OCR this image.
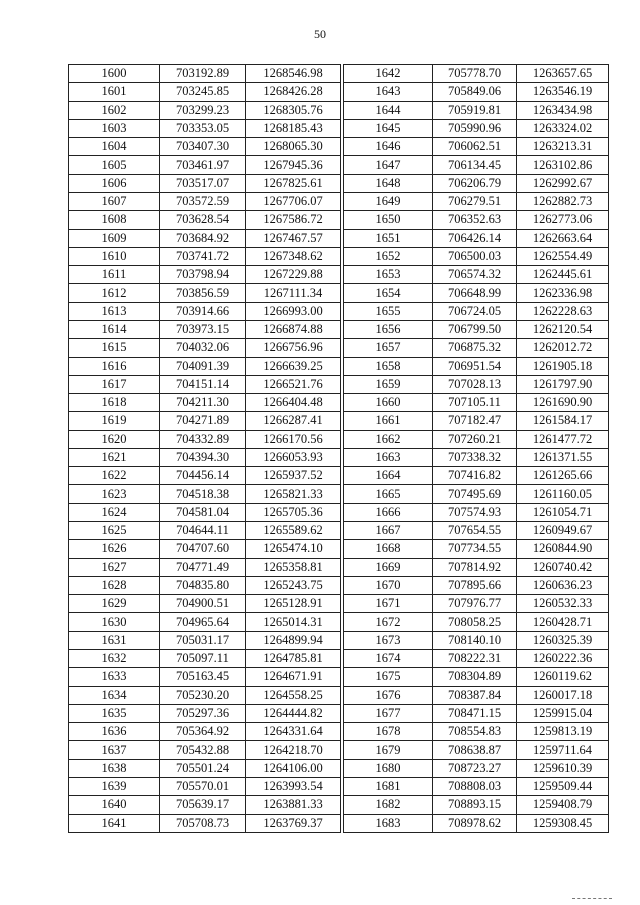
50
1600	703192.89	1268546.98
1601	703245.85	1268426.28
1602	703299.23	1268305.76
1603	703353.05	1268185.43
1604	703407.30	1268065.30
1605	703461.97	1267945.36
1606	703517.07	1267825.61
1607	703572.59	1267706.07
1608	703628.54	1267586.72
1609	703684.92	1267467.57
1610	703741.72	1267348.62
1611	703798.94	1267229.88
1612	703856.59	1267111.34
1613	703914.66	1266993.00
1614	703973.15	1266874.88
1615	704032.06	1266756.96
1616	704091.39	1266639.25
1617	704151.14	1266521.76
1618	704211.30	1266404.48
1619	704271.89	1266287.41
1620	704332.89	1266170.56
1621	704394.30	1266053.93
1622	704456.14	1265937.52
1623	704518.38	1265821.33
1624	704581.04	1265705.36
1625	704644.11	1265589.62
1626	704707.60	1265474.10
1627	704771.49	1265358.81
1628	704835.80	1265243.75
1629	704900.51	1265128.91
1630	704965.64	1265014.31
1631	705031.17	1264899.94
1632	705097.11	1264785.81
1633	705163.45	1264671.91
1634	705230.20	1264558.25
1635	705297.36	1264444.82
1636	705364.92	1264331.64
1637	705432.88	1264218.70
1638	705501.24	1264106.00
1639	705570.01	1263993.54
1640	705639.17	1263881.33
1641	705708.73	1263769.37
1642	705778.70	1263657.65
1643	705849.06	1263546.19
1644	705919.81	1263434.98
1645	705990.96	1263324.02
1646	706062.51	1263213.31
1647	706134.45	1263102.86
1648	706206.79	1262992.67
1649	706279.51	1262882.73
1650	706352.63	1262773.06
1651	706426.14	1262663.64
1652	706500.03	1262554.49
1653	706574.32	1262445.61
1654	706648.99	1262336.98
1655	706724.05	1262228.63
1656	706799.50	1262120.54
1657	706875.32	1262012.72
1658	706951.54	1261905.18
1659	707028.13	1261797.90
1660	707105.11	1261690.90
1661	707182.47	1261584.17
1662	707260.21	1261477.72
1663	707338.32	1261371.55
1664	707416.82	1261265.66
1665	707495.69	1261160.05
1666	707574.93	1261054.71
1667	707654.55	1260949.67
1668	707734.55	1260844.90
1669	707814.92	1260740.42
1670	707895.66	1260636.23
1671	707976.77	1260532.33
1672	708058.25	1260428.71
1673	708140.10	1260325.39
1674	708222.31	1260222.36
1675	708304.89	1260119.62
1676	708387.84	1260017.18
1677	708471.15	1259915.04
1678	708554.83	1259813.19
1679	708638.87	1259711.64
1680	708723.27	1259610.39
1681	708808.03	1259509.44
1682	708893.15	1259408.79
1683	708978.62	1259308.45
